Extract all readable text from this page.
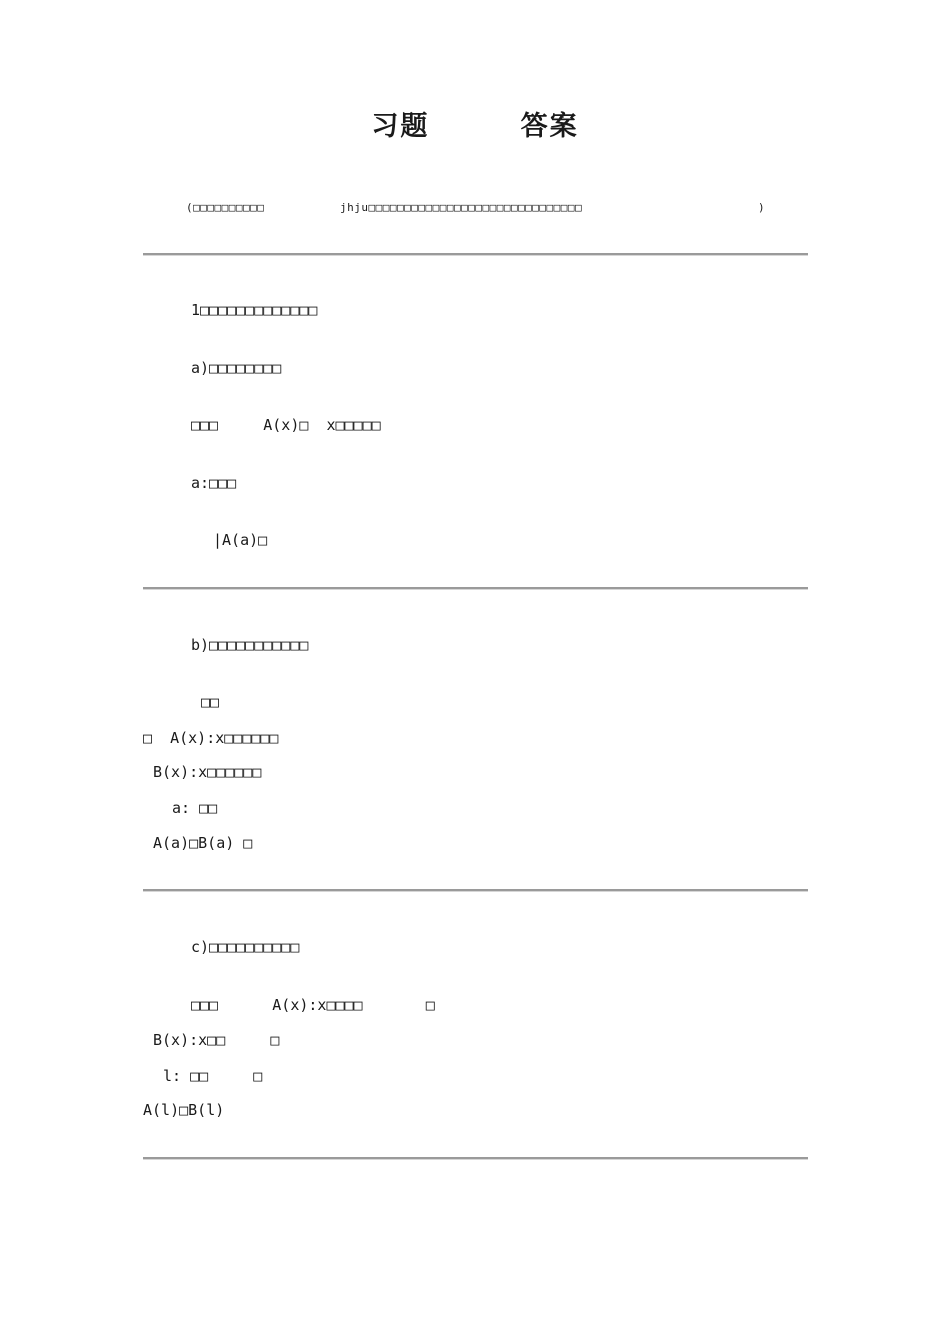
习题        答案
(□□□□□□□□□□	jhju□□□□□□□□□□□□□□□□□□□□□□□□□□□□□□	)
1□□□□□□□□□□□□□
a)□□□□□□□□
□□□     A(x)□  x□□□□□
a:□□□
|A(a)□
b)□□□□□□□□□□□
□□
□  A(x):x□□□□□□
B(x):x□□□□□□
a: □□
A(a)□B(a) □
c)□□□□□□□□□□
□□□      A(x):x□□□□       □
B(x):x□□     □
l: □□     □
A(l)□B(l)
